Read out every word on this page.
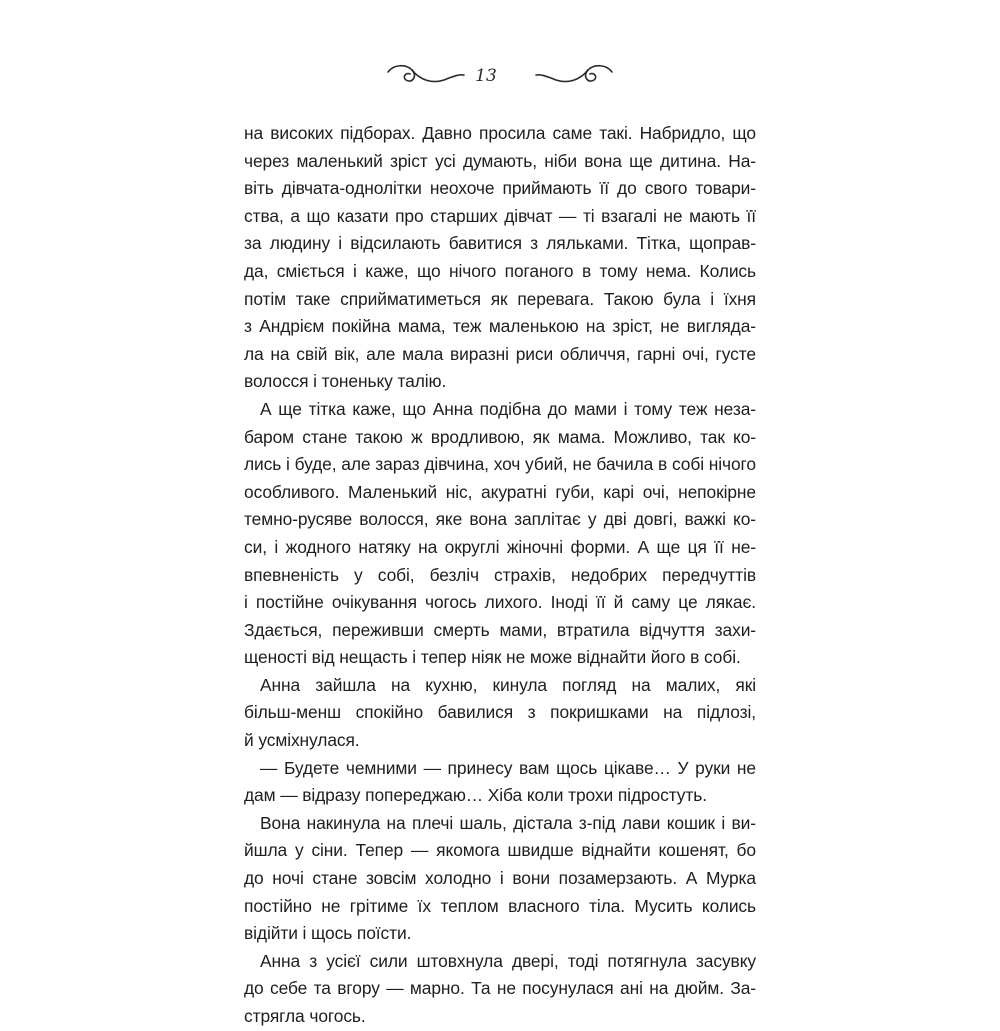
13
на високих підборах. Давно просила саме такі. Набридло, що
через маленький зріст усі думають, ніби вона ще дитина. На-
віть дівчата-однолітки неохоче приймають її до свого товари-
ства, а що казати про старших дівчат — ті взагалі не мають її
за людину і відсилають бавитися з ляльками. Тітка, щоправ-
да, сміється і каже, що нічого поганого в тому нема. Колись
потім таке сприйматиметься як перевага. Такою була і їхня
з Андрієм покійна мама, теж маленькою на зріст, не вигляда-
ла на свій вік, але мала виразні риси обличчя, гарні очі, густе
волосся і тоненьку талію.
А ще тітка каже, що Анна подібна до мами і тому теж неза-
баром стане такою ж вродливою, як мама. Можливо, так ко-
лись і буде, але зараз дівчина, хоч убий, не бачила в собі нічого
особливого. Маленький ніс, акуратні губи, карі очі, непокірне
темно-русяве волосся, яке вона заплітає у дві довгі, важкі ко-
си, і жодного натяку на округлі жіночні форми. А ще ця її не-
впевненість у собі, безліч страхів, недобрих передчуттів
і постійне очікування чогось лихого. Іноді її й саму це лякає.
Здається, переживши смерть мами, втратила відчуття захи-
щеності від нещасть і тепер ніяк не може віднайти його в собі.
Анна зайшла на кухню, кинула погляд на малих, які
більш-менш спокійно бавилися з покришками на підлозі,
й усміхнулася.
— Будете чемними — принесу вам щось цікаве… У руки не
дам — відразу попереджаю… Хіба коли трохи підростуть.
Вона накинула на плечі шаль, дістала з-під лави кошик і ви-
йшла у сіни. Тепер — якомога швидше віднайти кошенят, бо
до ночі стане зовсім холодно і вони позамерзають. А Мурка
постійно не грітиме їх теплом власного тіла. Мусить колись
відійти і щось поїсти.
Анна з усієї сили штовхнула двері, тоді потягнула засувку
до себе та вгору — марно. Та не посунулася ані на дюйм. За-
стрягла чогось.
